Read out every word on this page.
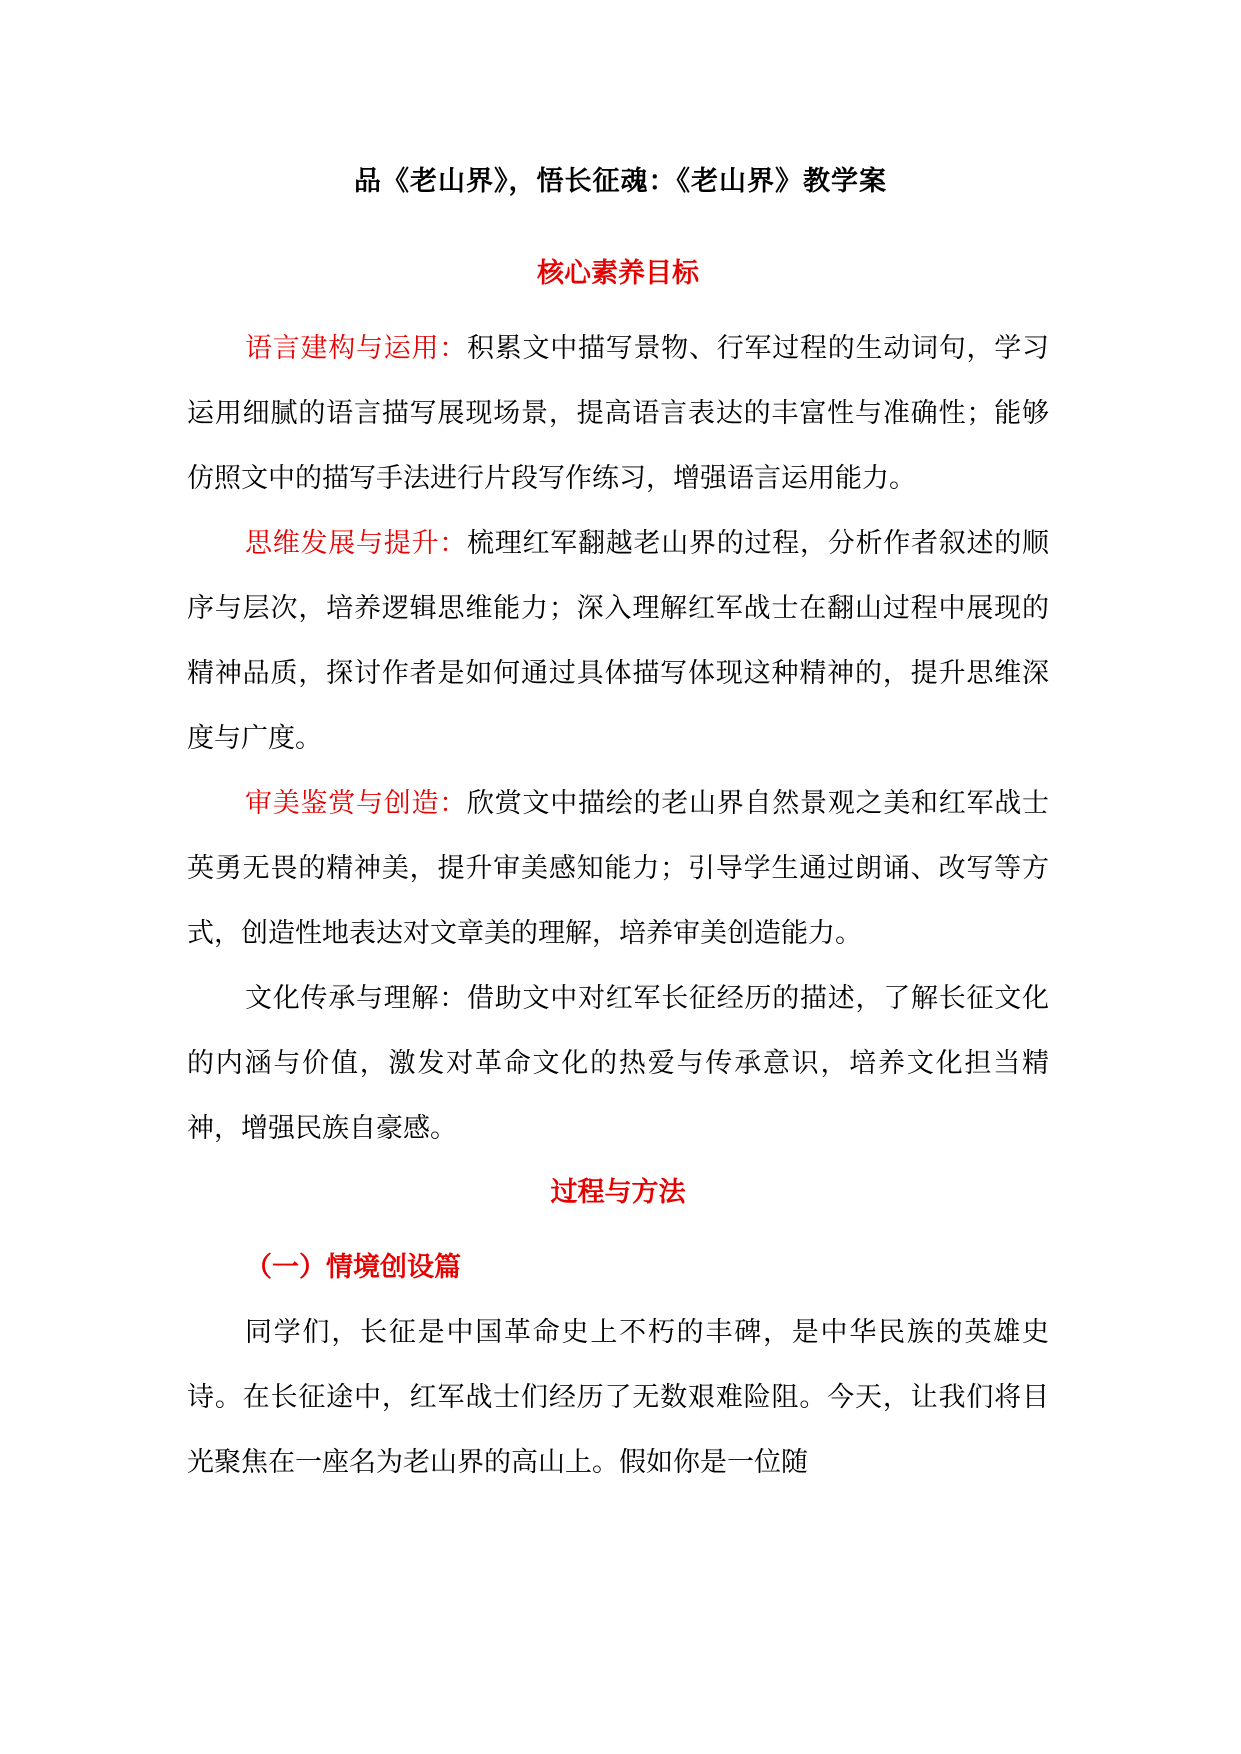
品《老山界》，悟长征魂：《老山界》教学案
核心素养目标

语言建构与运用：积累文中描写景物、行军过程的生动词句，学习运用细腻的语言描写展现场景，提高语言表达的丰富性与准确性；能够仿照文中的描写手法进行片段写作练习，增强语言运用能力。

思维发展与提升：梳理红军翻越老山界的过程，分析作者叙述的顺序与层次，培养逻辑思维能力；深入理解红军战士在翻山过程中展现的精神品质，探讨作者是如何通过具体描写体现这种精神的，提升思维深度与广度。

审美鉴赏与创造：欣赏文中描绘的老山界自然景观之美和红军战士英勇无畏的精神美，提升审美感知能力；引导学生通过朗诵、改写等方式，创造性地表达对文章美的理解，培养审美创造能力。

文化传承与理解：借助文中对红军长征经历的描述，了解长征文化的内涵与价值，激发对革命文化的热爱与传承意识，培养文化担当精神，增强民族自豪感。

过程与方法
（一）情境创设篇

同学们，长征是中国革命史上不朽的丰碑，是中华民族的英雄史诗。在长征途中，红军战士们经历了无数艰难险阻。今天，让我们将目光聚焦在一座名为老山界的高山上。假如你是一位随
